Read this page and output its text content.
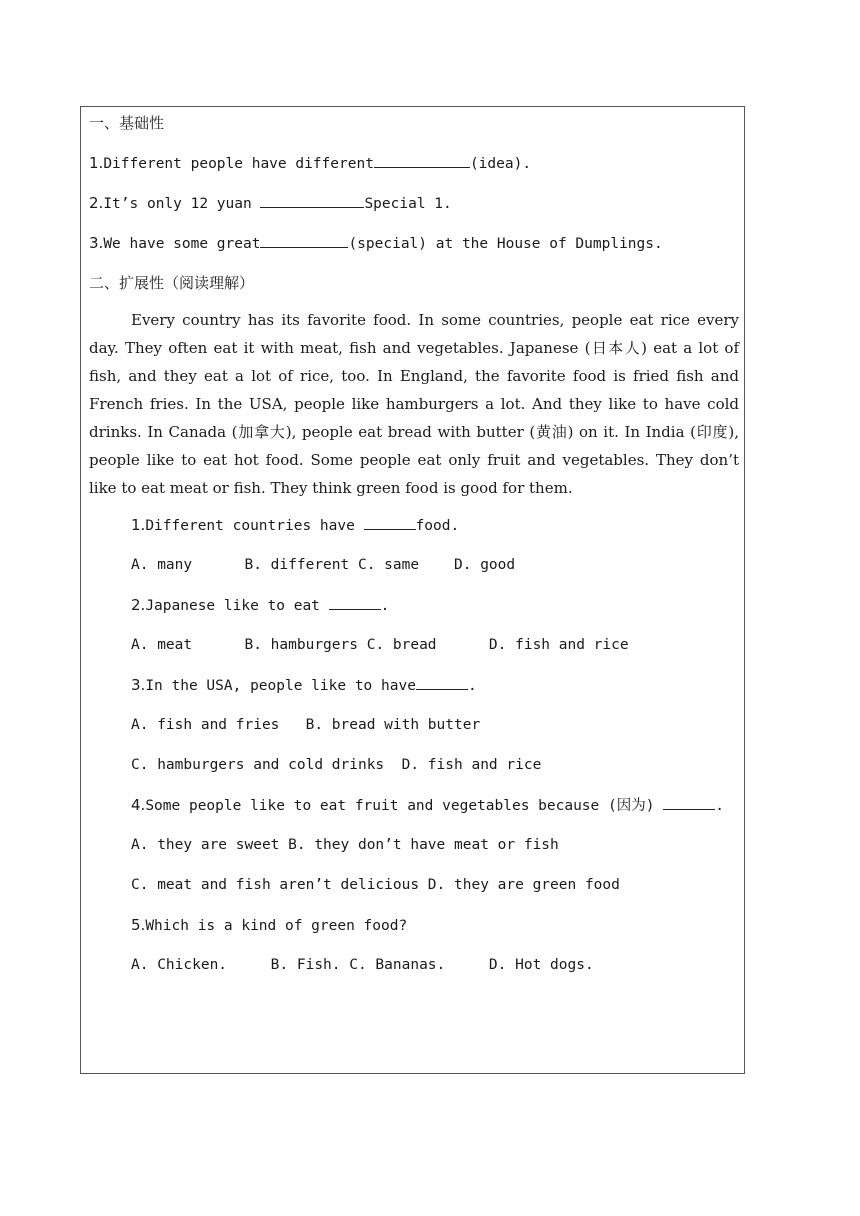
一、基础性
1.Different people have different	(idea).
2.It’s only 12 yuan	Special 1.
3.We have some great	(special) at the House of Dumplings.
二、扩展性（阅读理解）
Every country has its favorite food. In some countries, people eat rice every day. They often eat it with meat, fish and vegetables. Japanese (日本人) eat a lot of fish, and they eat a lot of rice, too. In England, the favorite food is fried fish and French fries. In the USA, people like hamburgers a lot. And they like to have cold drinks. In Canada (加拿大), people eat bread with butter (黄油) on it. In India (印度), people like to eat hot food. Some people eat only fruit and vegetables. They don’t like to eat meat or fish. They think green food is good for them.
1.Different countries have	food.
A. many      B. different C. same    D. good
2.Japanese like to eat	.
A. meat      B. hamburgers C. bread      D. fish and rice
3.In the USA, people like to have	.
A. fish and fries   B. bread with butter
C. hamburgers and cold drinks  D. fish and rice
4.Some people like to eat fruit and vegetables because (因为)	.
A. they are sweet B. they don’t have meat or fish
C. meat and fish aren’t delicious D. they are green food
5.Which is a kind of green food?
A. Chicken.     B. Fish. C. Bananas.     D. Hot dogs.
